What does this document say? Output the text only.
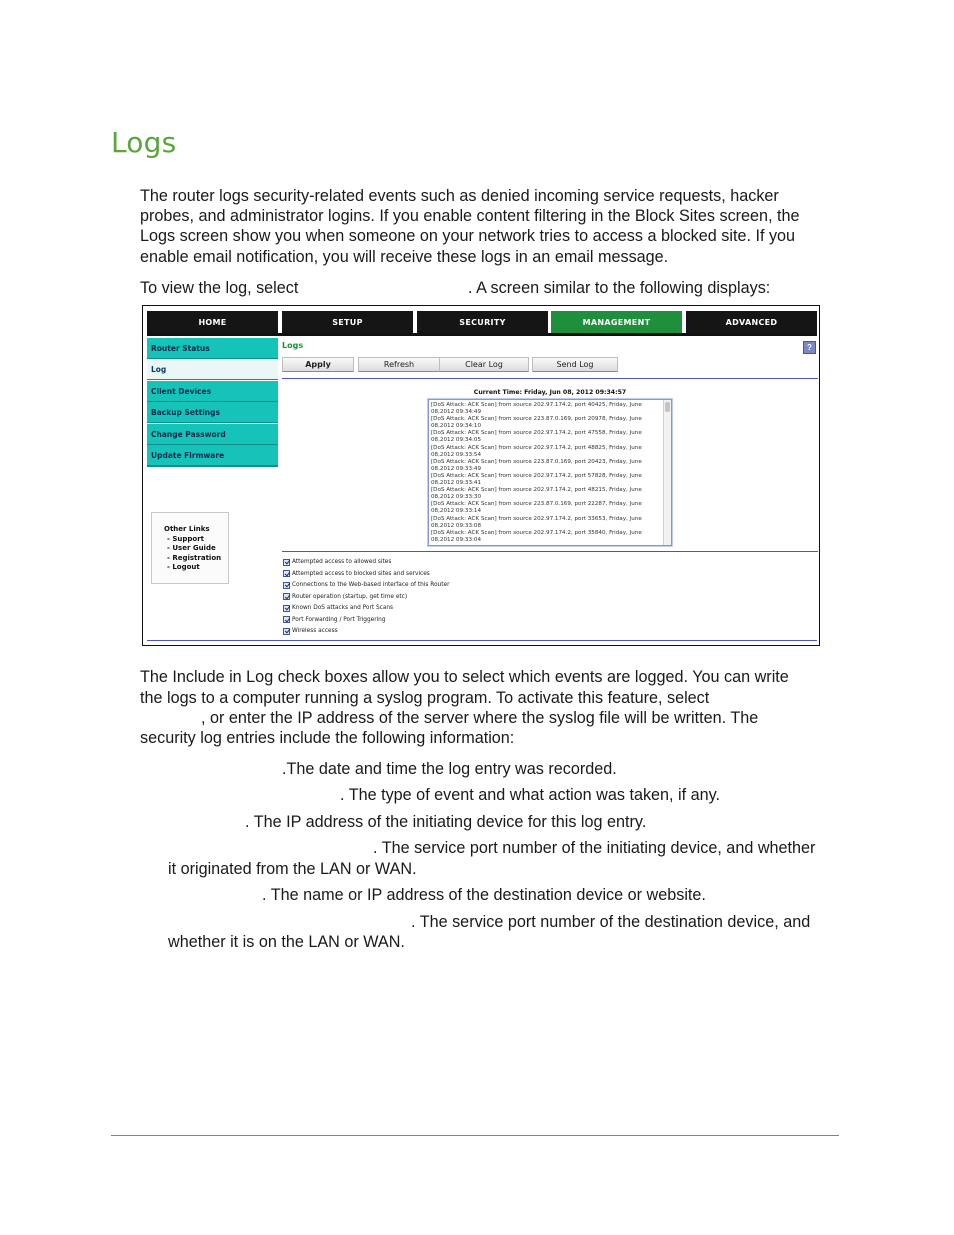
Logs
The router logs security-related events such as denied incoming service requests, hacker
probes, and administrator logins. If you enable content filtering in the Block Sites screen, the
Logs screen show you when someone on your network tries to access a blocked site. If you
enable email notification, you will receive these logs in an email message.
To view the log, select	. A screen similar to the following displays:
HOME	SETUP	SECURITY	MANAGEMENT	ADVANCED
Router Status
Log
Client Devices
Backup Settings
Change Password
Update Firmware
Other Links
- Support
- User Guide
- Registration
- Logout
Logs	?
Apply	Refresh	Clear Log	Send Log
Current Time: Friday, Jun 08, 2012 09:34:57
[DoS Attack: ACK Scan] from source 202.97.174.2, port 40425, Friday, June 08,2012 09:34:49
[DoS Attack: ACK Scan] from source 223.87.0.169, port 20978, Friday, June 08,2012 09:34:10
[DoS Attack: ACK Scan] from source 202.97.174.2, port 47558, Friday, June 08,2012 09:34:05
[DoS Attack: ACK Scan] from source 202.97.174.2, port 48825, Friday, June 08,2012 09:33:54
[DoS Attack: ACK Scan] from source 223.87.0.169, port 20423, Friday, June 08,2012 09:33:49
[DoS Attack: ACK Scan] from source 202.97.174.2, port 57828, Friday, June 08,2012 09:33:41
[DoS Attack: ACK Scan] from source 202.97.174.2, port 48215, Friday, June 08,2012 09:33:30
[DoS Attack: ACK Scan] from source 223.87.0.169, port 22287, Friday, June 08,2012 09:33:14
[DoS Attack: ACK Scan] from source 202.97.174.2, port 33653, Friday, June 08,2012 09:33:08
[DoS Attack: ACK Scan] from source 202.97.174.2, port 35840, Friday, June 08,2012 09:33:04
Attempted access to allowed sites
Attempted access to blocked sites and services
Connections to the Web-based interface of this Router
Router operation (startup, get time etc)
Known DoS attacks and Port Scans
Port Forwarding / Port Triggering
Wireless access
The Include in Log check boxes allow you to select which events are logged. You can write
the logs to a computer running a syslog program. To activate this feature, select
, or enter the IP address of the server where the syslog file will be written. The
security log entries include the following information:
.The date and time the log entry was recorded.
. The type of event and what action was taken, if any.
. The IP address of the initiating device for this log entry.
. The service port number of the initiating device, and whether
it originated from the LAN or WAN.
. The name or IP address of the destination device or website.
. The service port number of the destination device, and
whether it is on the LAN or WAN.
